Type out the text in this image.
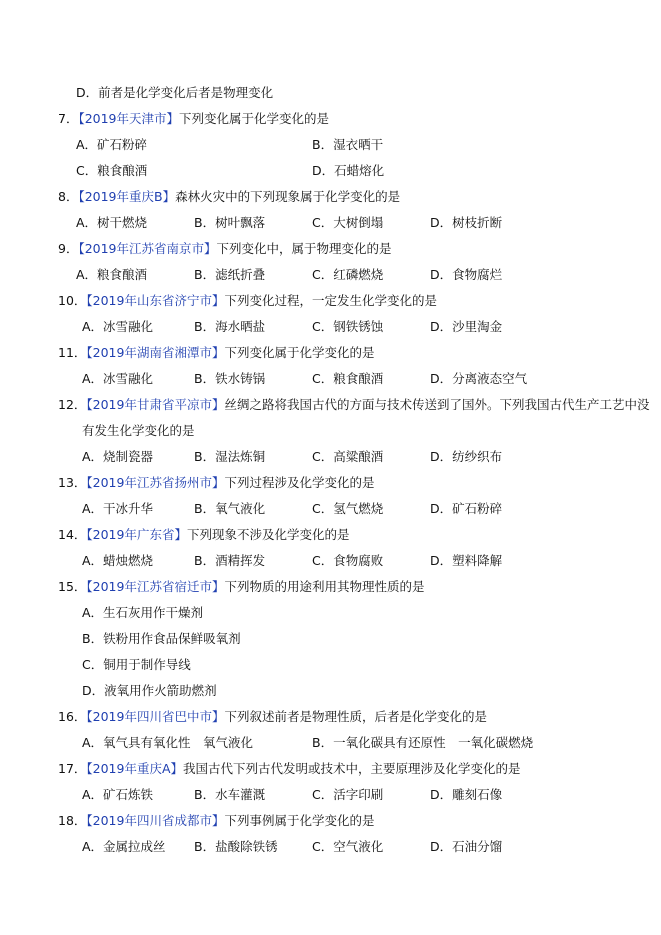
D．前者是化学变化后者是物理变化
7．【2019年天津市】下列变化属于化学变化的是
A．矿石粉碎	B．湿衣晒干
C．粮食酿酒	D．石蜡熔化
8．【2019年重庆B】森林火灾中的下列现象属于化学变化的是
A．树干燃烧	B．树叶飘落	C．大树倒塌	D．树枝折断
9．【2019年江苏省南京市】下列变化中，属于物理变化的是
A．粮食酿酒	B．滤纸折叠	C．红磷燃烧	D．食物腐烂
10．【2019年山东省济宁市】下列变化过程，一定发生化学变化的是
A．冰雪融化	B．海水晒盐	C．钢铁锈蚀	D．沙里淘金
11．【2019年湖南省湘潭市】下列变化属于化学变化的是
A．冰雪融化	B．铁水铸锅	C．粮食酿酒	D．分离液态空气
12．【2019年甘肃省平凉市】丝绸之路将我国古代的方面与技术传送到了国外。下列我国古代生产工艺中没
有发生化学变化的是
A．烧制瓷器	B．湿法炼铜	C．高粱酿酒	D．纺纱织布
13．【2019年江苏省扬州市】下列过程涉及化学变化的是
A．干冰升华	B．氧气液化	C．氢气燃烧	D．矿石粉碎
14．【2019年广东省】下列现象不涉及化学变化的是
A．蜡烛燃烧	B．酒精挥发	C．食物腐败	D．塑料降解
15．【2019年江苏省宿迁市】下列物质的用途利用其物理性质的是
A．生石灰用作干燥剂
B．铁粉用作食品保鲜吸氧剂
C．铜用于制作导线
D．液氧用作火箭助燃剂
16．【2019年四川省巴中市】下列叙述前者是物理性质，后者是化学变化的是
A．氧气具有氧化性　氧气液化	B．一氧化碳具有还原性　一氧化碳燃烧
17．【2019年重庆A】我国古代下列古代发明或技术中，主要原理涉及化学变化的是
A．矿石炼铁	B．水车灌溉	C．活字印刷	D．雕刻石像
18．【2019年四川省成都市】下列事例属于化学变化的是
A．金属拉成丝 B．盐酸除铁锈	C．空气液化	D．石油分馏
